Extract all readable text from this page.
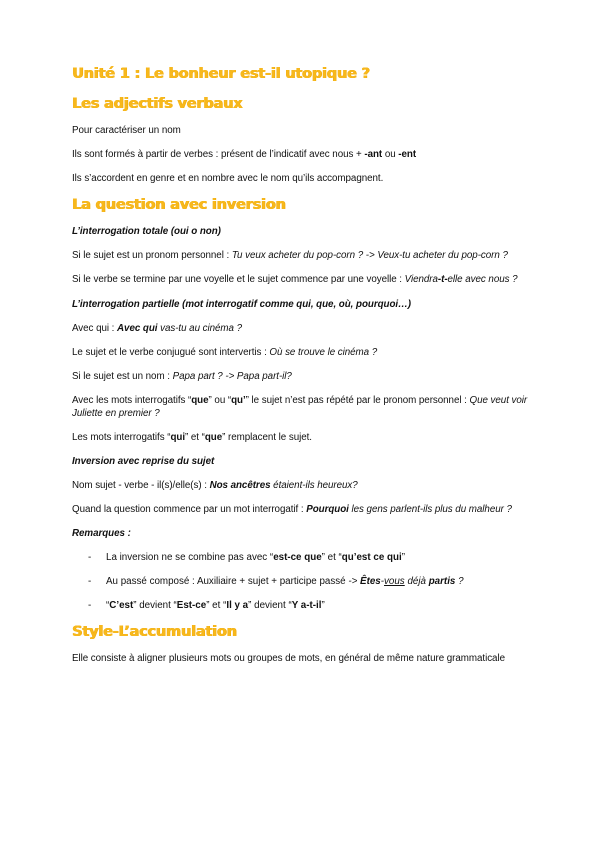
Unité 1 : Le bonheur est-il utopique ?
Les adjectifs verbaux

Pour caractériser un nom

Ils sont formés à partir de verbes : présent de l’indicatif avec nous + -ant ou -ent

Ils s’accordent en genre et en nombre avec le nom qu’ils accompagnent.

La question avec inversion

L’interrogation totale (oui o non)

Si le sujet est un pronom personnel : Tu veux acheter du pop-corn ? -> Veux-tu acheter du pop-corn ?

Si le verbe se termine par une voyelle et le sujet commence par une voyelle : Viendra-t-elle avec nous ?

L’interrogation partielle (mot interrogatif comme qui, que, où, pourquoi…)

Avec qui : Avec qui vas-tu au cinéma ?

Le sujet et le verbe conjugué sont intervertis : Où se trouve le cinéma ?

Si le sujet est un nom : Papa part ? -> Papa part-il?

Avec les mots interrogatifs “que” ou “qu’” le sujet n’est pas répété par le pronom personnel : Que veut voir Juliette en premier ?

Les mots interrogatifs “qui” et “que” remplacent le sujet.

Inversion avec reprise du sujet

Nom sujet - verbe - il(s)/elle(s) : Nos ancêtres étaient-ils heureux?

Quand la question commence par un mot interrogatif : Pourquoi les gens parlent-ils plus du malheur ?

Remarques :

- La inversion ne se combine pas avec “est-ce que” et “qu’est ce qui”
- Au passé composé : Auxiliaire + sujet + participe passé -> Êtes-vous déjà partis ?
- “C’est” devient “Est-ce” et “Il y a” devient “Y a-t-il”
Style-L’accumulation

Elle consiste à aligner plusieurs mots ou groupes de mots, en général de même nature grammaticale
